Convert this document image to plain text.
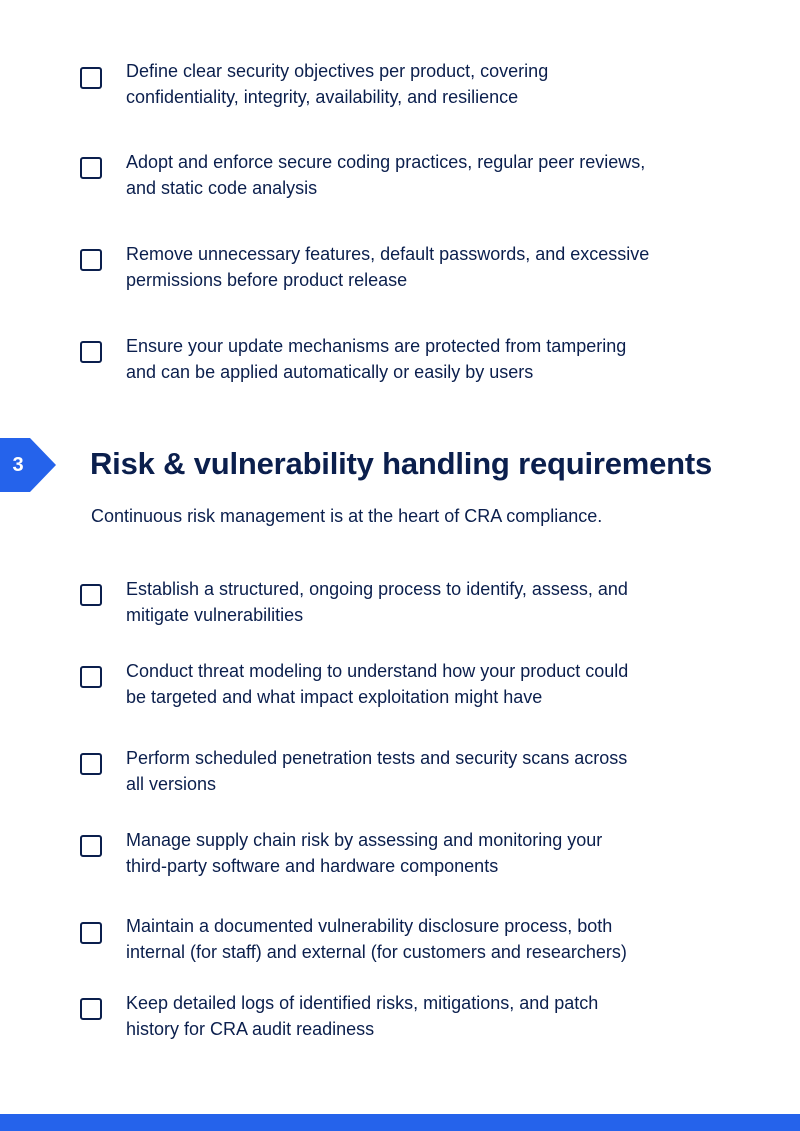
Define clear security objectives per product, covering
confidentiality, integrity, availability, and resilience
Adopt and enforce secure coding practices, regular peer reviews,
and static code analysis
Remove unnecessary features, default passwords, and excessive
permissions before product release
Ensure your update mechanisms are protected from tampering
and can be applied automatically or easily by users
3	Risk & vulnerability handling requirements
Continuous risk management is at the heart of CRA compliance.
Establish a structured, ongoing process to identify, assess, and
mitigate vulnerabilities
Conduct threat modeling to understand how your product could
be targeted and what impact exploitation might have
Perform scheduled penetration tests and security scans across
all versions
Manage supply chain risk by assessing and monitoring your
third-party software and hardware components
Maintain a documented vulnerability disclosure process, both
internal (for staff) and external (for customers and researchers)
Keep detailed logs of identified risks, mitigations, and patch
history for CRA audit readiness
